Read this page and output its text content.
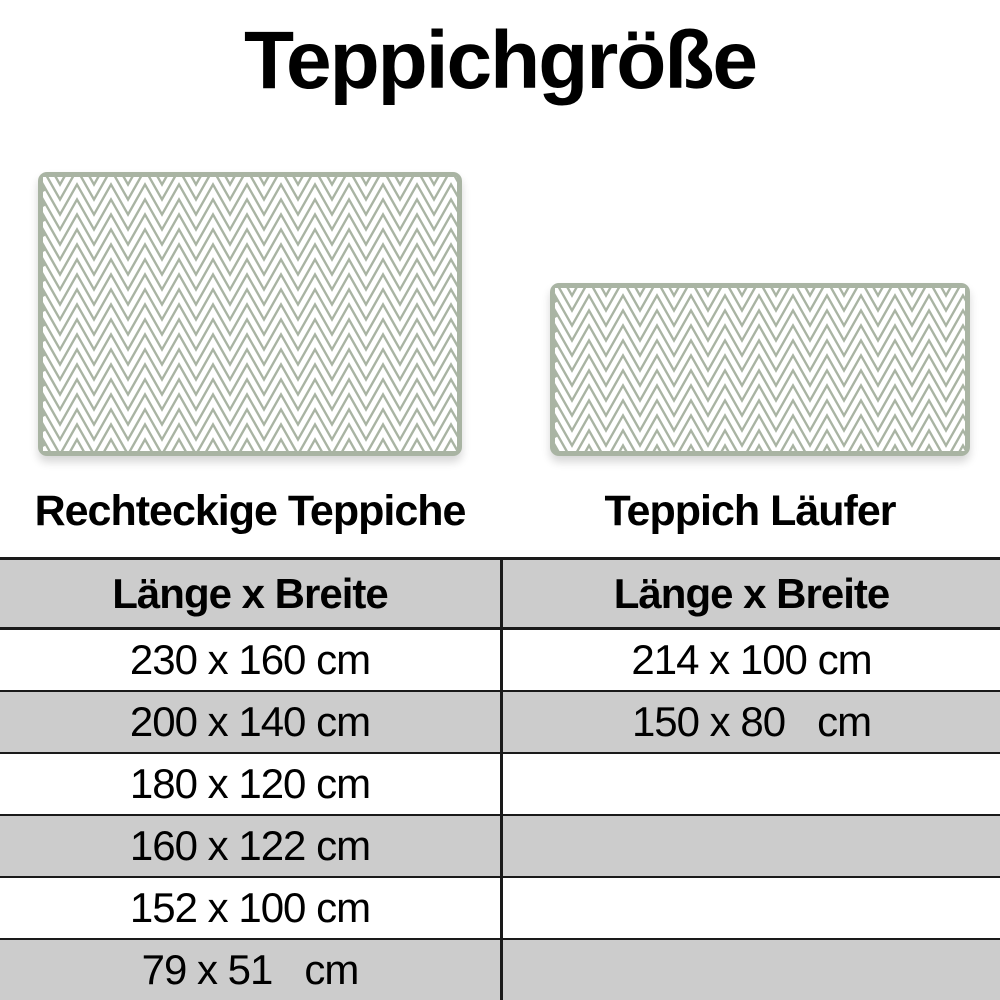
Teppichgröße
Rechteckige Teppiche	Teppich Läufer
Länge x Breite	Länge x Breite
230 x 160 cm	214 x 100 cm
200 x 140 cm	150 x 80   cm
180 x 120 cm
160 x 122 cm
152 x 100 cm
79 x 51   cm
